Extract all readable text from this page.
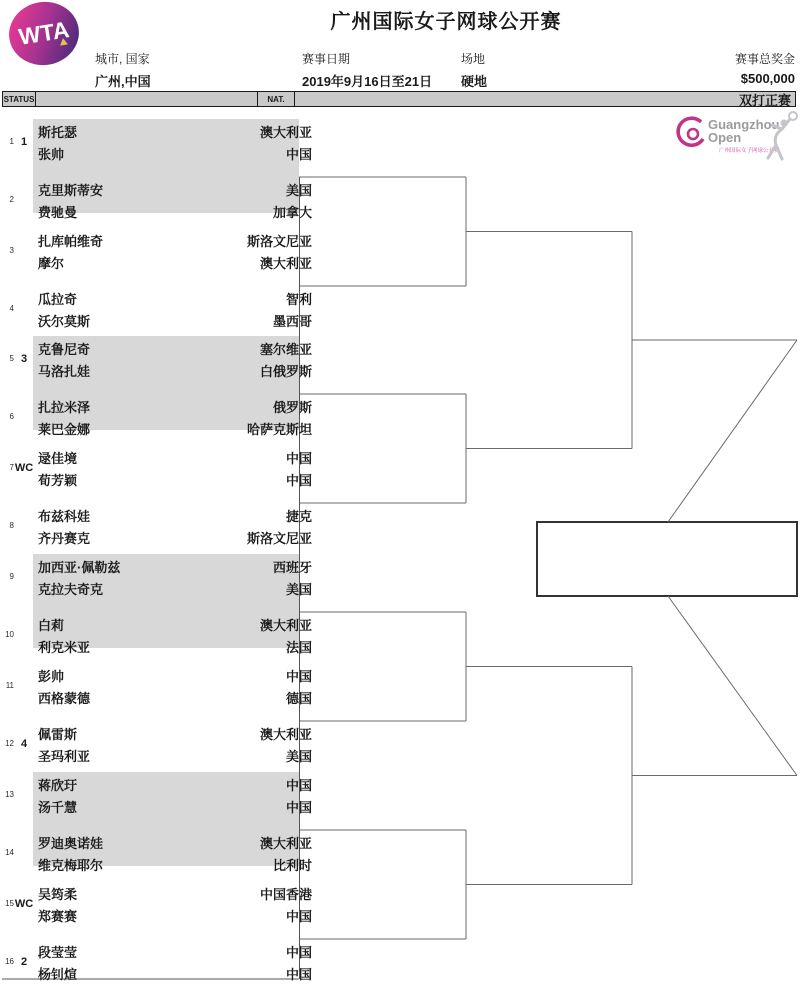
WTA	广州国际女子网球公开赛
城市, 国家
广州,中国
赛事日期
2019年9月16日至21日
场地
硬地
赛事总奖金
$500,000
STATUS	NAT.	双打正赛
1 1
斯托瑟	澳大利亚
张帅	中国
2
克里斯蒂安	美国
费驰曼	加拿大
3
扎库帕维奇	斯洛文尼亚
摩尔	澳大利亚
4
瓜拉奇	智利
沃尔莫斯	墨西哥
5 3
克鲁尼奇	塞尔维亚
马洛扎娃	白俄罗斯
6
扎拉米泽	俄罗斯
莱巴金娜	哈萨克斯坦
7 WC
逯佳境	中国
荀芳颖	中国
8
布兹科娃	捷克
齐丹赛克	斯洛文尼亚
9
加西亚·佩勒兹	西班牙
克拉夫奇克	美国
10
白莉	澳大利亚
利克米亚	法国
11
彭帅	中国
西格蒙德	德国
12 4
佩雷斯	澳大利亚
圣玛利亚	美国
13
蒋欣玗	中国
汤千慧	中国
14
罗迪奥诺娃	澳大利亚
维克梅耶尔	比利时
15 WC
吴筠柔	中国香港
郑赛赛	中国
16 2
段莹莹	中国
杨钊煊	中国
Guangzhou
Open
广州国际女子网球公开赛
